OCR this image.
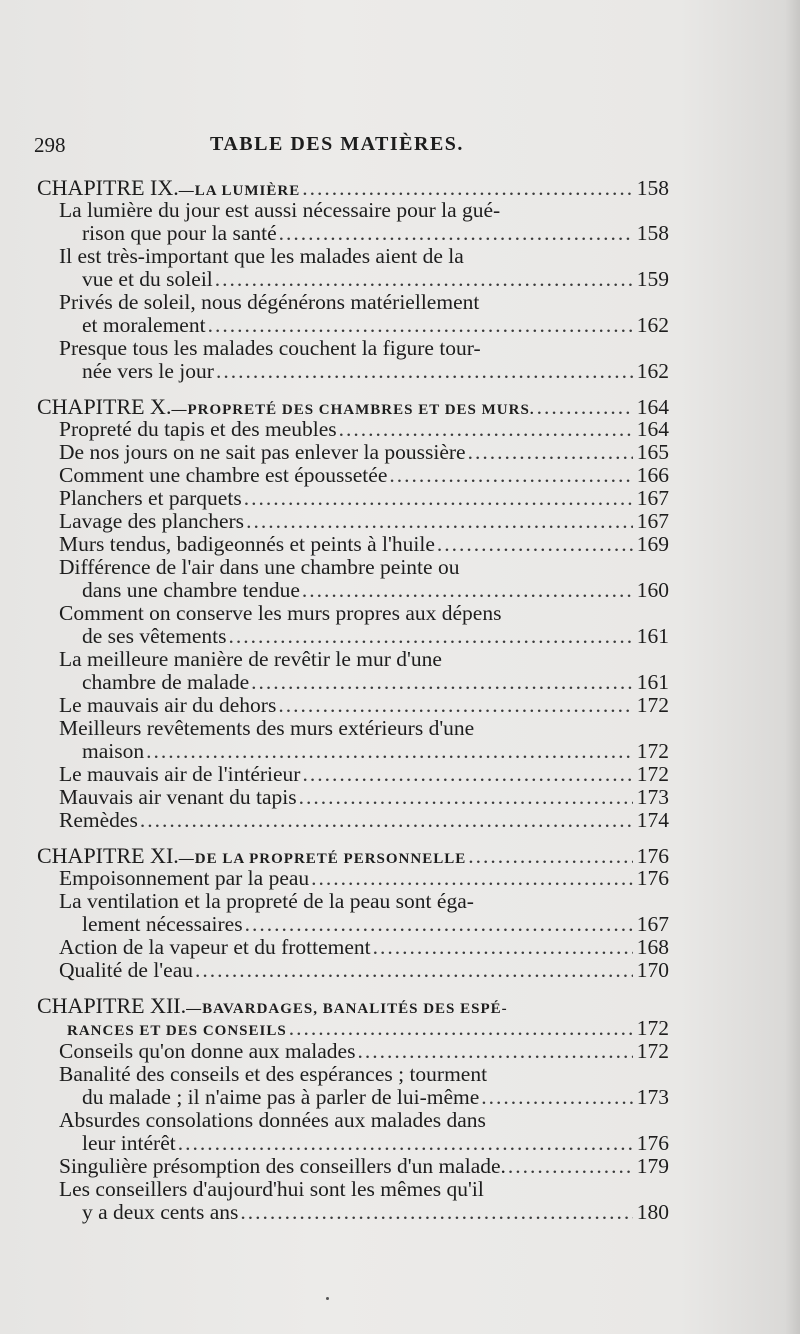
298	TABLE DES MATIÈRES.
CHAPITRE IX.—LA LUMIÈRE .....	158
La lumière du jour est aussi nécessaire pour la gué-
rison que pour la santé .....	158
Il est très-important que les malades aient de la
vue et du soleil .....	159
Privés de soleil, nous dégénérons matériellement
et moralement .....	162
Presque tous les malades couchent la figure tour-
née vers le jour .....	162
CHAPITRE X.—PROPRETÉ DES CHAMBRES ET DES MURS. .....	164
Propreté du tapis et des meubles .....	164
De nos jours on ne sait pas enlever la poussière .....	165
Comment une chambre est époussetée .....	166
Planchers et parquets .....	167
Lavage des planchers .....	167
Murs tendus, badigeonnés et peints à l'huile .....	169
Différence de l'air dans une chambre peinte ou
dans une chambre tendue .....	160
Comment on conserve les murs propres aux dépens
de ses vêtements .....	161
La meilleure manière de revêtir le mur d'une
chambre de malade .....	161
Le mauvais air du dehors .....	172
Meilleurs revêtements des murs extérieurs d'une
maison .....	172
Le mauvais air de l'intérieur .....	172
Mauvais air venant du tapis .....	173
Remèdes .....	174
CHAPITRE XI.—DE LA PROPRETÉ PERSONNELLE .....	176
Empoisonnement par la peau .....	176
La ventilation et la propreté de la peau sont éga-
lement nécessaires .....	167
Action de la vapeur et du frottement .....	168
Qualité de l'eau .....	170
CHAPITRE XII.—BAVARDAGES, BANALITÉS DES ESPÉ-
RANCES ET DES CONSEILS .....	172
Conseils qu'on donne aux malades .....	172
Banalité des conseils et des espérances ; tourment
du malade ; il n'aime pas à parler de lui-même .....	173
Absurdes consolations données aux malades dans
leur intérêt .....	176
Singulière présomption des conseillers d'un malade. .....	179
Les conseillers d'aujourd'hui sont les mêmes qu'il
y a deux cents ans .....	180
